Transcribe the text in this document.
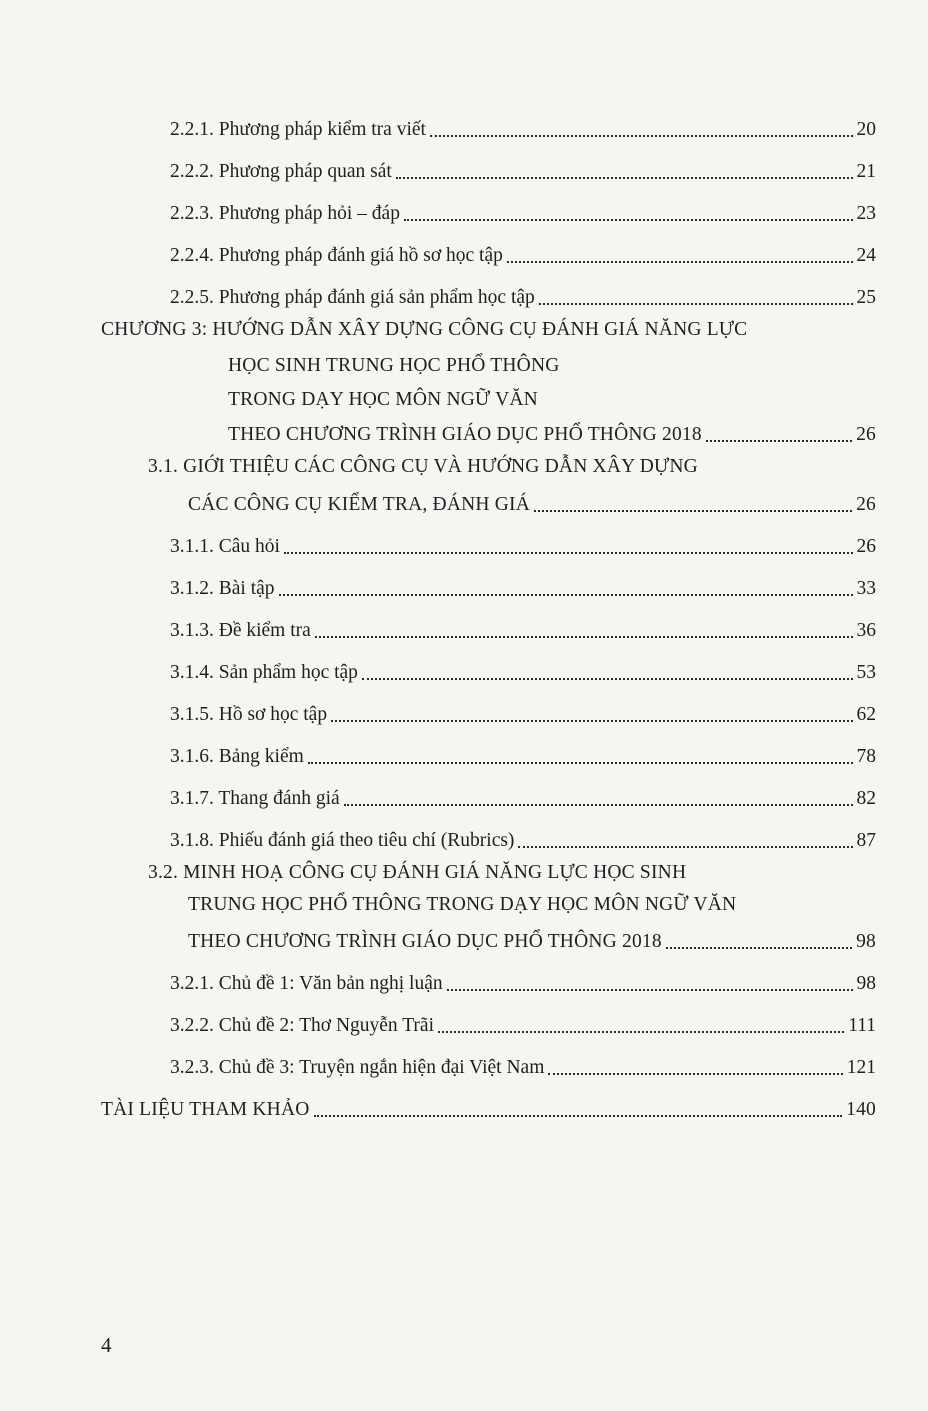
2.2.1. Phương pháp kiểm tra viết	20
2.2.2. Phương pháp quan sát	21
2.2.3. Phương pháp hỏi – đáp	23
2.2.4. Phương pháp đánh giá hồ sơ học tập	24
2.2.5. Phương pháp đánh giá sản phẩm học tập	25
CHƯƠNG 3: HƯỚNG DẪN XÂY DỰNG CÔNG CỤ ĐÁNH GIÁ NĂNG LỰC
HỌC SINH TRUNG HỌC PHỔ THÔNG
TRONG DẠY HỌC MÔN NGỮ VĂN
THEO CHƯƠNG TRÌNH GIÁO DỤC PHỔ THÔNG 2018	26
3.1. GIỚI THIỆU CÁC CÔNG CỤ VÀ HƯỚNG DẪN XÂY DỰNG
CÁC CÔNG CỤ KIỂM TRA, ĐÁNH GIÁ	26
3.1.1. Câu hỏi	26
3.1.2. Bài tập	33
3.1.3. Đề kiểm tra	36
3.1.4. Sản phẩm học tập	53
3.1.5. Hồ sơ học tập	62
3.1.6. Bảng kiểm	78
3.1.7. Thang đánh giá	82
3.1.8. Phiếu đánh giá theo tiêu chí (Rubrics)	87
3.2. MINH HOẠ CÔNG CỤ ĐÁNH GIÁ NĂNG LỰC HỌC SINH
TRUNG HỌC PHỔ THÔNG TRONG DẠY HỌC MÔN NGỮ VĂN
THEO CHƯƠNG TRÌNH GIÁO DỤC PHỔ THÔNG 2018	98
3.2.1. Chủ đề 1: Văn bản nghị luận	98
3.2.2. Chủ đề 2: Thơ Nguyễn Trãi	111
3.2.3. Chủ đề 3: Truyện ngắn hiện đại Việt Nam	121
TÀI LIỆU THAM KHẢO	140
4
